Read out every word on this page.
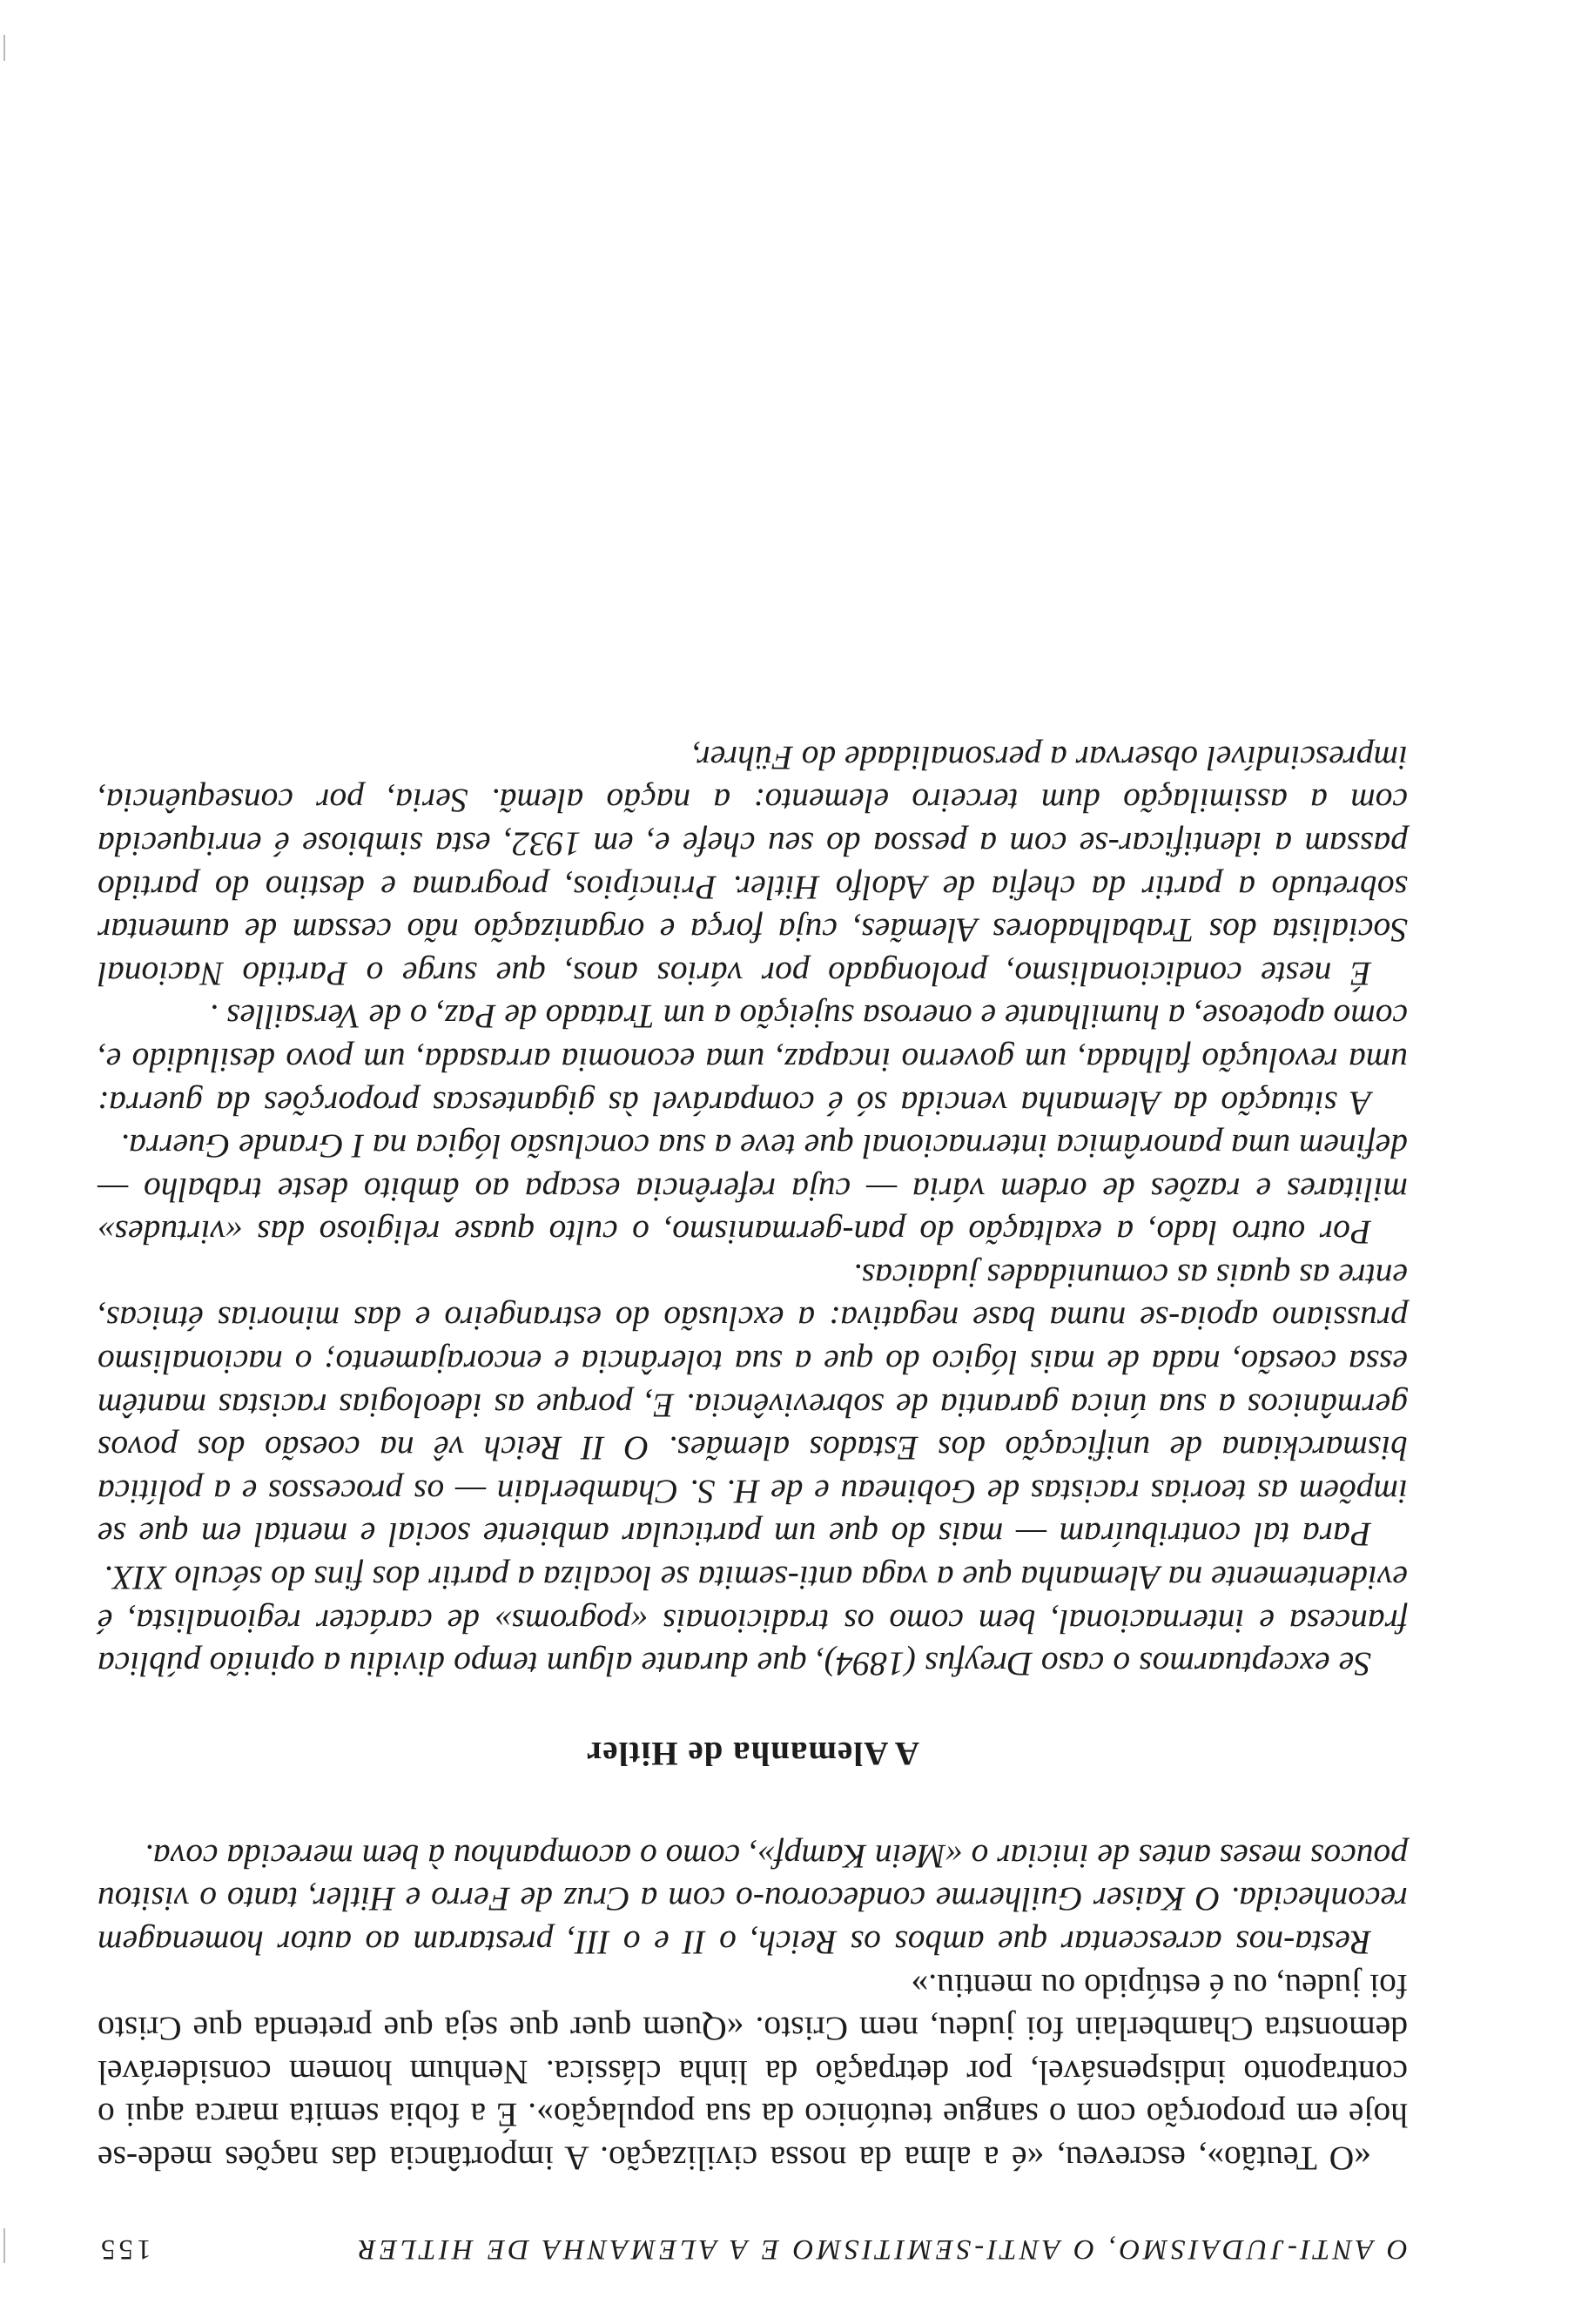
O ANTI-JUDAISMO, O ANTI-SEMITISMO E A ALEMANHA DE HITLER
155

«O Teutão», escreveu, «é a alma da nossa civilização. A importância das nações mede-se hoje em proporção com o sangue teutónico da sua população». É a fobia semita marca aqui o contraponto indispensável, por detrpação da linha clássica. Nenhum homem considerável demonstra Chamberlain foi judeu, nem Cristo. «Quem quer que seja que pretenda que Cristo foi judeu, ou é estúpido ou mentiu.»

Resta-nos acrescentar que ambos os Reich, o II e o III, prestaram ao autor homenagem reconhecida. O Kaiser Guilherme condecorou-o com a Cruz de Ferro e Hitler, tanto o visitou poucos meses antes de iniciar o «Mein Kampf», como o acompanhou à bem merecida cova.

A Alemanha de Hitler

Se exceptuarmos o caso Dreyfus (1894), que durante algum tempo dividiu a opinião pública francesa e internacional, bem como os tradicionais «pogroms» de carácter regionalista, é evidentemente na Alemanha que a vaga anti-semita se localiza a partir dos fins do século XIX.

Para tal contribuíram — mais do que um particular ambiente social e mental em que se impõem as teorias racistas de Gobineau e de H. S. Chamberlain — os processos e a política bismarckiana de unificação dos Estados alemães. O II Reich vê na coesão dos povos germânicos a sua única garantia de sobrevivência. E, porque as ideologias racistas mantêm essa coesão, nada de mais lógico do que a sua tolerância e encorajamento; o nacionalismo prussiano apoia-se numa base negativa: a exclusão do estrangeiro e das minorias étnicas, entre as quais as comunidades judaicas.

Por outro lado, a exaltação do pan-germanismo, o culto quase religioso das «virtudes» militares e razões de ordem vária — cuja referência escapa ao âmbito deste trabalho — definem uma panorâmica internacional que teve a sua conclusão lógica na I Grande Guerra.

A situação da Alemanha vencida só é comparável às gigantescas proporções da guerra: uma revolução falhada, um governo incapaz, uma economia arrasada, um povo desiludido e, como apoteose, a humilhante e onerosa sujeição a um Tratado de Paz, o de Versailles .

É neste condicionalismo, prolongado por vários anos, que surge o Partido Nacional Socialista dos Trabalhadores Alemães, cuja força e organização não cessam de aumentar sobretudo a partir da chefia de Adolfo Hitler. Princípios, programa e destino do partido passam a identificar-se com a pessoa do seu chefe e, em 1932, esta simbiose é enriquecida com a assimilação dum terceiro elemento: a nação alemã. Seria, por consequência, imprescindível observar a personalidade do Führer,
